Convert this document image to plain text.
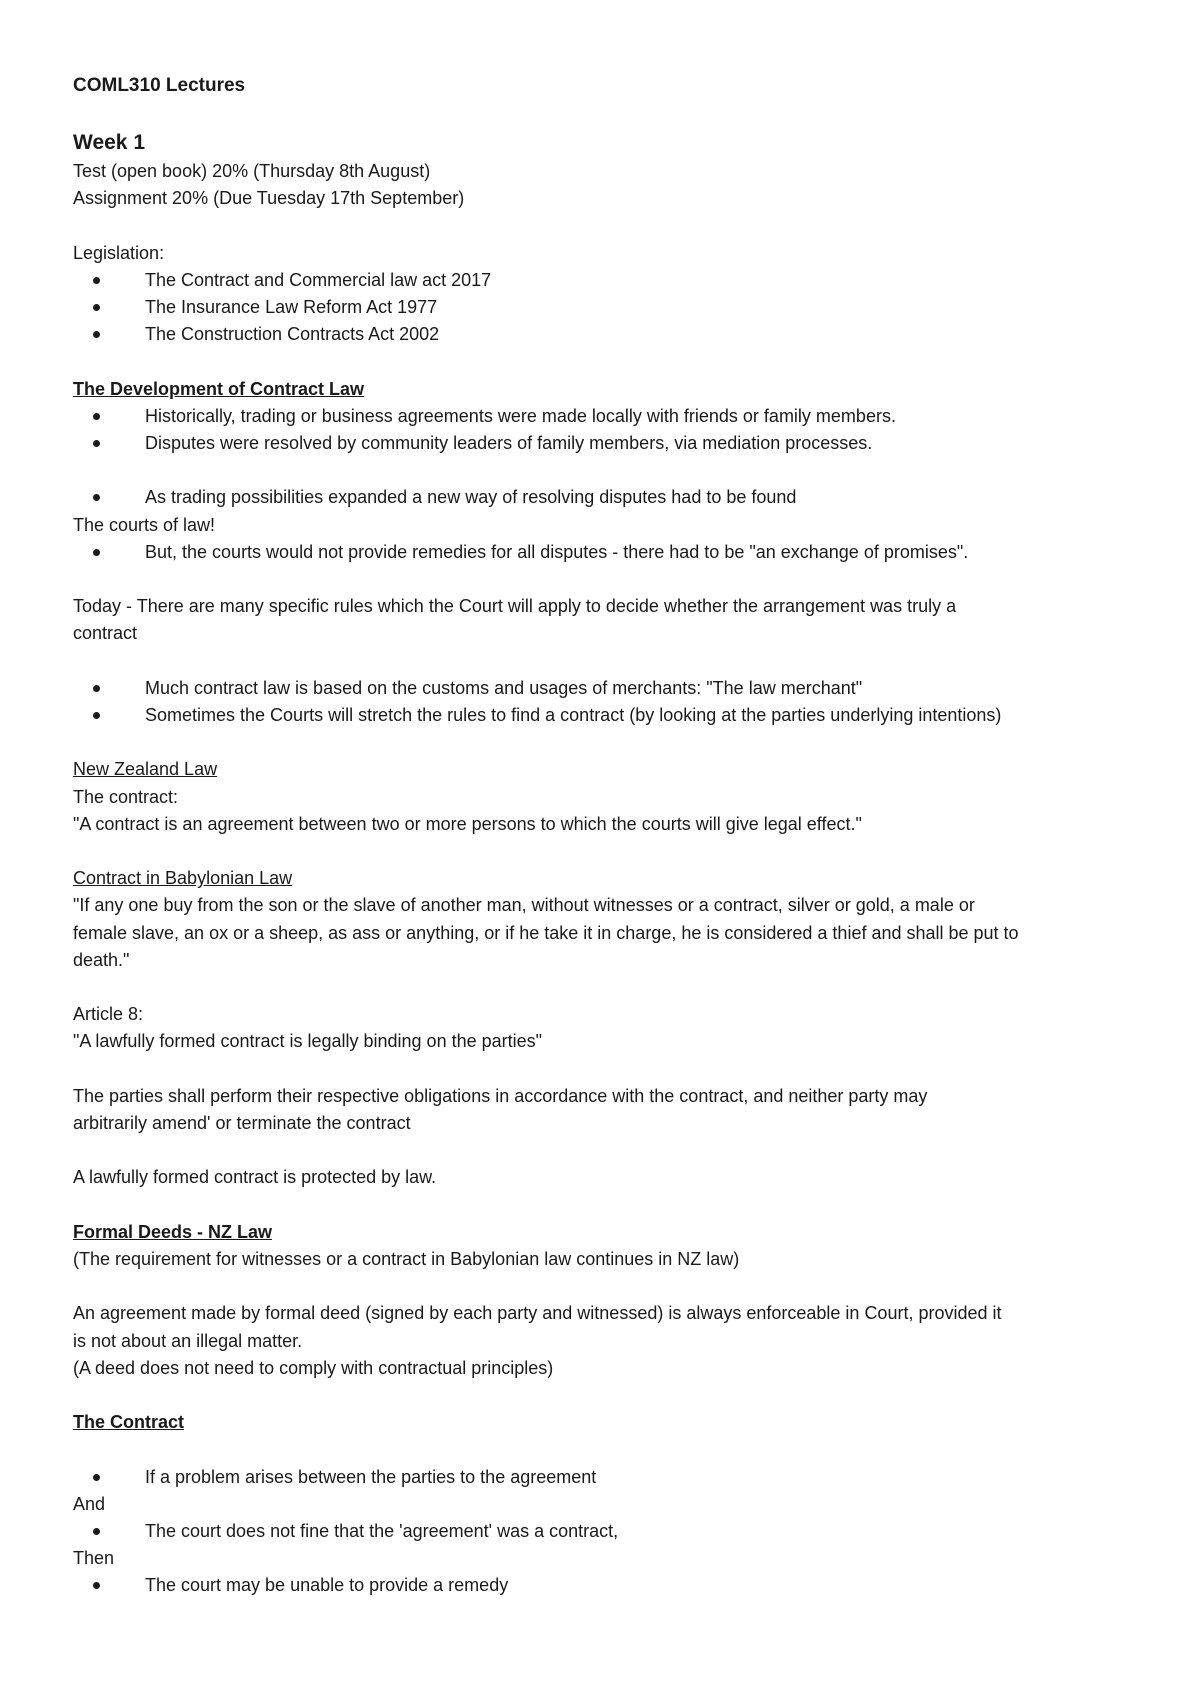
COML310 Lectures
Week 1
Test (open book) 20% (Thursday 8th August)
Assignment 20% (Due Tuesday 17th September)
Legislation:
The Contract and Commercial law act 2017
The Insurance Law Reform Act 1977
The Construction Contracts Act 2002
The Development of Contract Law
Historically, trading or business agreements were made locally with friends or family members.
Disputes were resolved by community leaders of family members, via mediation processes.
As trading possibilities expanded a new way of resolving disputes had to be found
The courts of law!
But, the courts would not provide remedies for all disputes - there had to be "an exchange of promises".
Today - There are many specific rules which the Court will apply to decide whether the arrangement was truly a
contract
Much contract law is based on the customs and usages of merchants: "The law merchant"
Sometimes the Courts will stretch the rules to find a contract (by looking at the parties underlying intentions)
New Zealand Law
The contract:
"A contract is an agreement between two or more persons to which the courts will give legal effect."
Contract in Babylonian Law
"If any one buy from the son or the slave of another man, without witnesses or a contract, silver or gold, a male or
female slave, an ox or a sheep, as ass or anything, or if he take it in charge, he is considered a thief and shall be put to
death."
Article 8:
"A lawfully formed contract is legally binding on the parties"
The parties shall perform their respective obligations in accordance with the contract, and neither party may
arbitrarily amend' or terminate the contract
A lawfully formed contract is protected by law.
Formal Deeds - NZ Law
(The requirement for witnesses or a contract in Babylonian law continues in NZ law)
An agreement made by formal deed (signed by each party and witnessed) is always enforceable in Court, provided it
is not about an illegal matter.
(A deed does not need to comply with contractual principles)
The Contract
If a problem arises between the parties to the agreement
And
The court does not fine that the 'agreement' was a contract,
Then
The court may be unable to provide a remedy
